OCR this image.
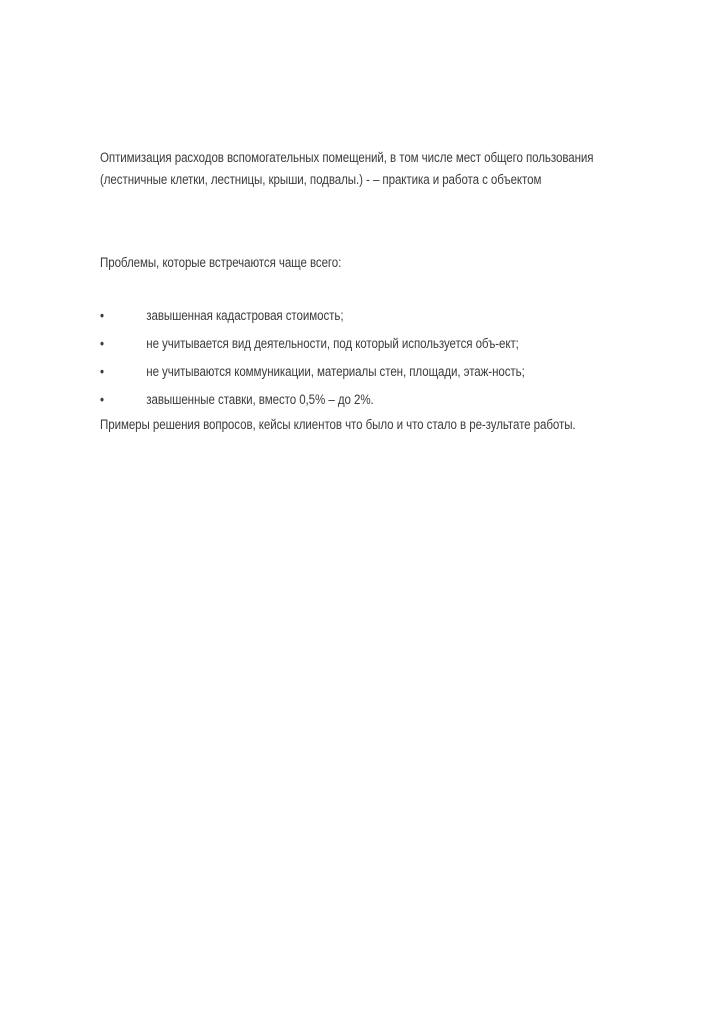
Оптимизация расходов вспомогательных помещений, в том числе мест общего пользования (лестничные клетки, лестницы, крыши, подвалы.) - – практика и работа с объектом

Проблемы, которые встречаются чаще всего:

•	завышенная кадастровая стоимость;
•	не учитывается вид деятельности, под который используется объ-ект;
•	не учитываются коммуникации, материалы стен, площади, этаж-ность;
•	завышенные ставки, вместо 0,5% – до 2%.

Примеры решения вопросов, кейсы клиентов что было и что стало в ре-зультате работы.
